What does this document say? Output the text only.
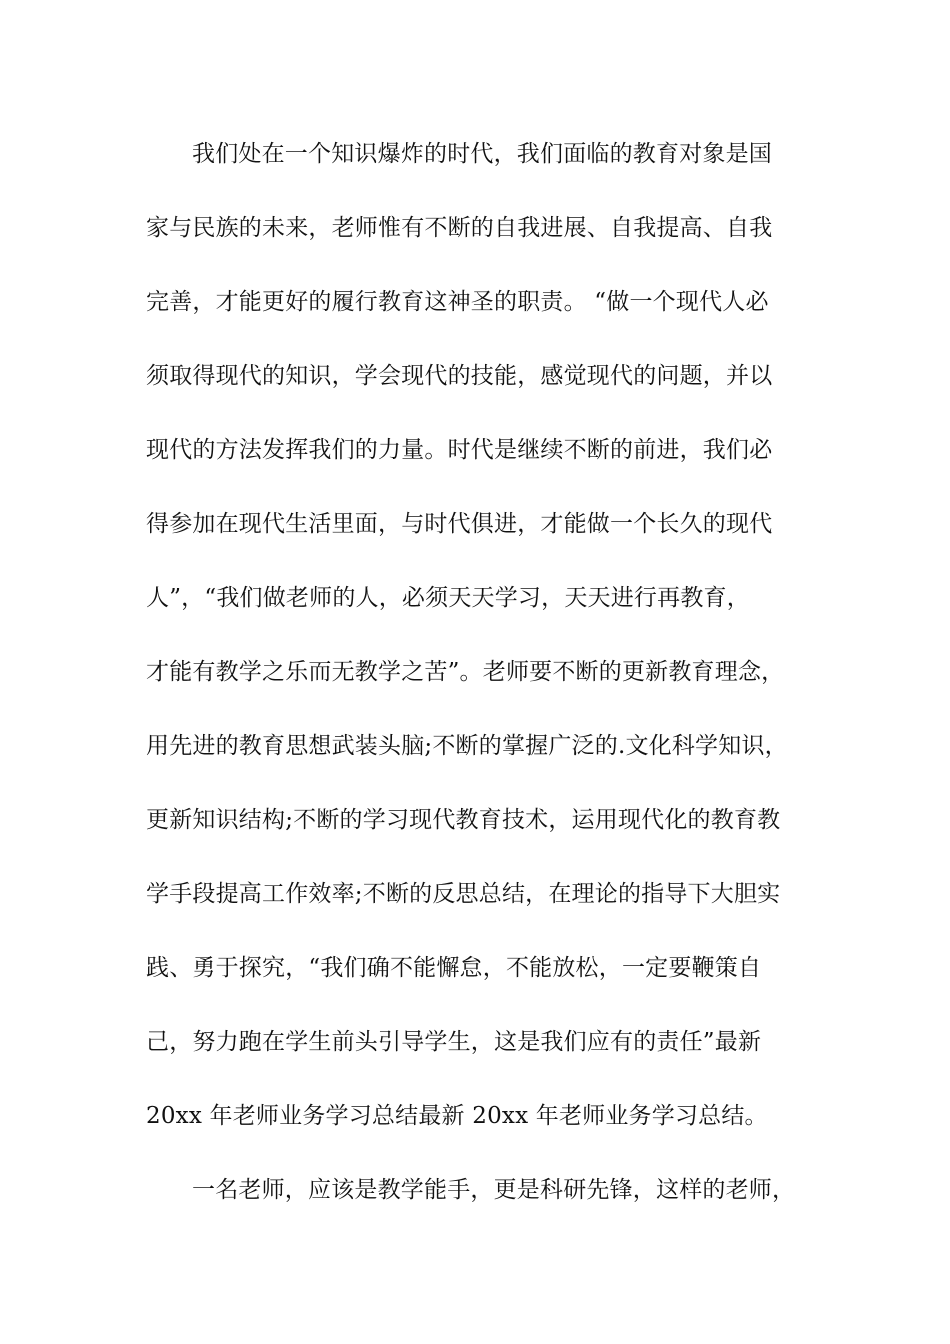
我们处在一个知识爆炸的时代，我们面临的教育对象是国
家与民族的未来，老师惟有不断的自我进展、自我提高、自我
完善，才能更好的履行教育这神圣的职责。 “做一个现代人必
须取得现代的知识，学会现代的技能，感觉现代的问题，并以
现代的方法发挥我们的力量。时代是继续不断的前进，我们必
得参加在现代生活里面，与时代俱进，才能做一个长久的现代
人”，“我们做老师的人，必须天天学习，天天进行再教育，
才能有教学之乐而无教学之苦”。老师要不断的更新教育理念，
用先进的教育思想武装头脑;不断的掌握广泛的.文化科学知识，
更新知识结构;不断的学习现代教育技术，运用现代化的教育教
学手段提高工作效率;不断的反思总结，在理论的指导下大胆实
践、勇于探究，“我们确不能懈怠，不能放松，一定要鞭策自
己，努力跑在学生前头引导学生，这是我们应有的责任”最新
20xx 年老师业务学习总结最新 20xx 年老师业务学习总结。
一名老师，应该是教学能手，更是科研先锋，这样的老师，
